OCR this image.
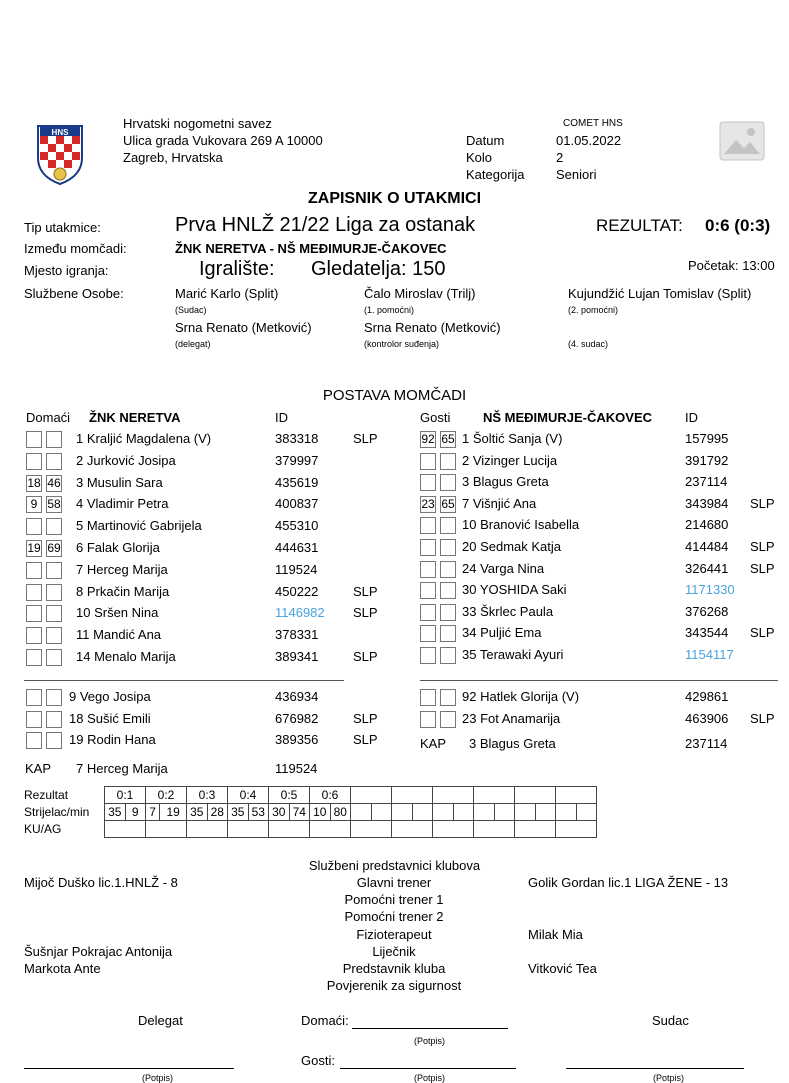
HNS
Hrvatski nogometni savez
Ulica grada Vukovara 269 A 10000
Zagreb, Hrvatska
COMET HNS
Datum	01.05.2022
Kolo	2
Kategorija Seniori
ZAPISNIK O UTAKMICI
Tip utakmice:	Prva HNLŽ 21/22 Liga za ostanak	REZULTAT: 0:6 (0:3)
Između momčadi:	ŽNK NERETVA - NŠ MEĐIMURJE-ČAKOVEC
Mjesto igranja:	Igralište: Gledatelja: 150	Početak: 13:00
Službene Osobe:	Marić Karlo (Split)
(Sudac)
Čalo Miroslav (Trilj)
(1. pomoćni)
Kujundžić Lujan Tomislav (Split)
(2. pomoćni)
Srna Renato (Metković)
(delegat)
Srna Renato (Metković)
(kontrolor suđenja)	(4. sudac)
POSTAVA MOMČADI
Domaći ŽNK NERETVA	ID	Gosti	NŠ MEĐIMURJE-ČAKOVEC	ID
1 Kraljić Magdalena (V)	383318	SLP
2 Jurković Josipa	379997
18 46 3 Musulin Sara	435619
9 58 4 Vladimir Petra	400837
5 Martinović Gabrijela	455310
19 69 6 Falak Glorija	444631
7 Herceg Marija	119524
8 Prkačin Marija	450222	SLP
10 Sršen Nina	1146982 SLP
11 Mandić Ana	378331
14 Menalo Marija	389341	SLP
9 Vego Josipa	436934
18 Sušić Emili	676982	SLP
19 Rodin Hana	389356	SLP
92 65 1 Šoltić Sanja (V)	157995
2 Vizinger Lucija	391792
3 Blagus Greta	237114
23 65 7 Višnjić Ana	343984 SLP
10 Branović Isabella	214680
20 Sedmak Katja	414484 SLP
24 Varga Nina	326441 SLP
30 YOSHIDA Saki	1171330
33 Škrlec Paula	376268
34 Puljić Ema	343544 SLP
35 Terawaki Ayuri	1154117
92 Hatlek Glorija (V)	429861
23 Fot Anamarija	463906 SLP
KAP 7 Herceg Marija	119524
KAP 3 Blagus Greta	237114
Rezultat	0:1		0:2		0:3		0:4		0:5		0:6													
Strijelac/min	35	9	7	19	35	28	35	53	30	74	10	80												
KU/AG																								
Službeni predstavnici klubova
Mijoč Duško lic.1.HNLŽ - 8	Glavni trener	Golik Gordan lic.1 LIGA ŽENE - 13
Pomoćni trener 1
Pomoćni trener 2
Fizioterapeut	Milak Mia
Šušnjar Pokrajac Antonija	Liječnik
Markota Ante	Predstavnik kluba	Vitković Tea
Povjerenik za sigurnost
Delegat	Domaći:	Sudac
(Potpis)
Gosti:
(Potpis)	(Potpis)	(Potpis)
